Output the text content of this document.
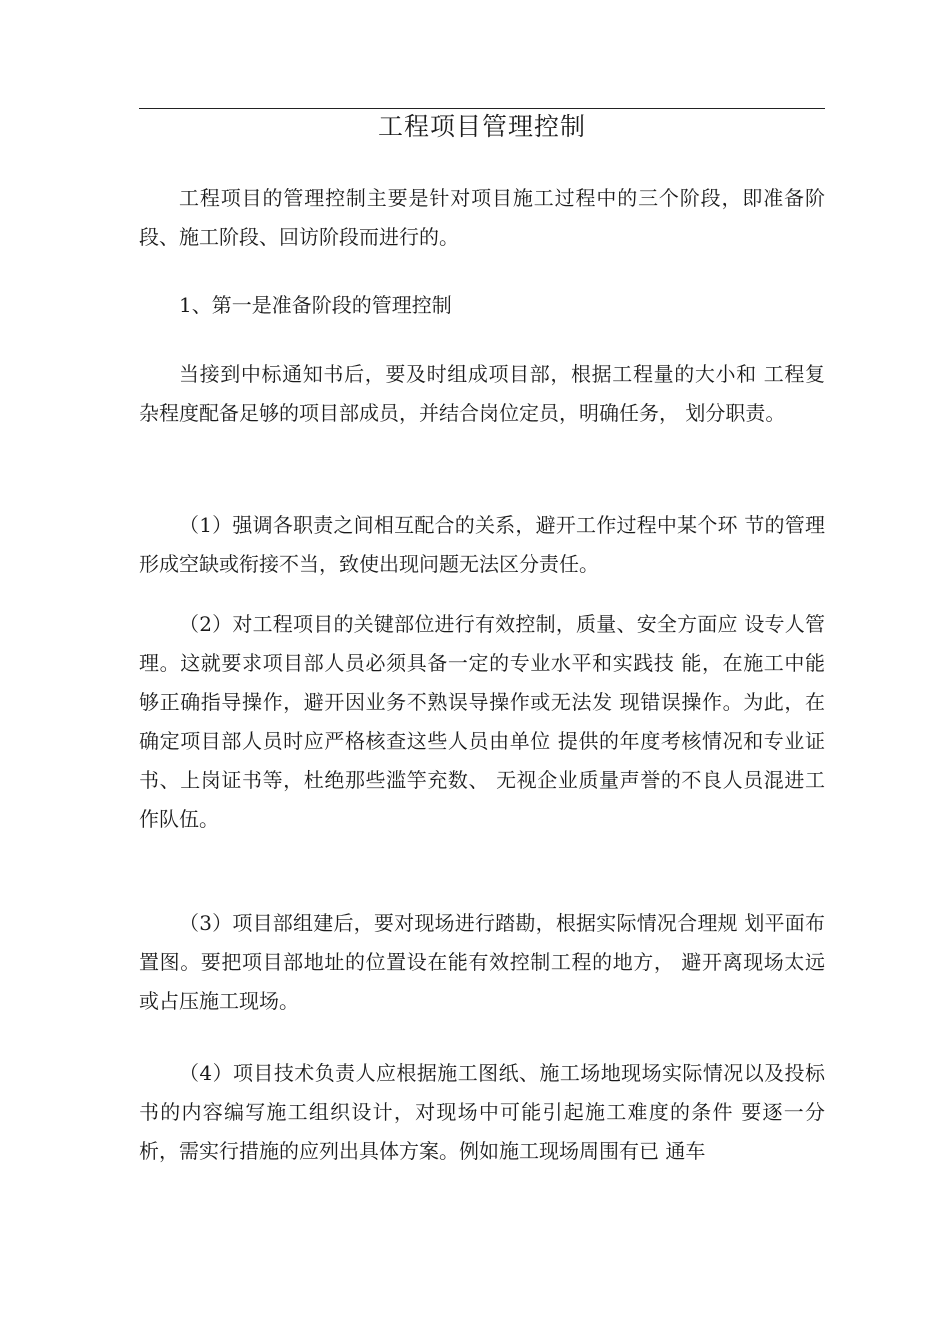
工程项目管理控制

工程项目的管理控制主要是针对项目施工过程中的三个阶段，即准备阶段、施工阶段、回访阶段而进行的。

1、第一是准备阶段的管理控制

当接到中标通知书后，要及时组成项目部，根据工程量的大小和 工程复杂程度配备足够的项目部成员，并结合岗位定员，明确任务， 划分职责。

（1）强调各职责之间相互配合的关系，避开工作过程中某个环 节的管理形成空缺或衔接不当，致使出现问题无法区分责任。

（2）对工程项目的关键部位进行有效控制，质量、安全方面应 设专人管理。这就要求项目部人员必须具备一定的专业水平和实践技 能，在施工中能够正确指导操作，避开因业务不熟误导操作或无法发 现错误操作。为此，在确定项目部人员时应严格核查这些人员由单位 提供的年度考核情况和专业证书、上岗证书等，杜绝那些滥竽充数、 无视企业质量声誉的不良人员混进工作队伍。

（3）项目部组建后，要对现场进行踏勘，根据实际情况合理规 划平面布置图。要把项目部地址的位置设在能有效控制工程的地方， 避开离现场太远或占压施工现场。

（4）项目技术负责人应根据施工图纸、施工场地现场实际情况以及投标书的内容编写施工组织设计，对现场中可能引起施工难度的条件 要逐一分析，需实行措施的应列出具体方案。例如施工现场周围有已 通车
